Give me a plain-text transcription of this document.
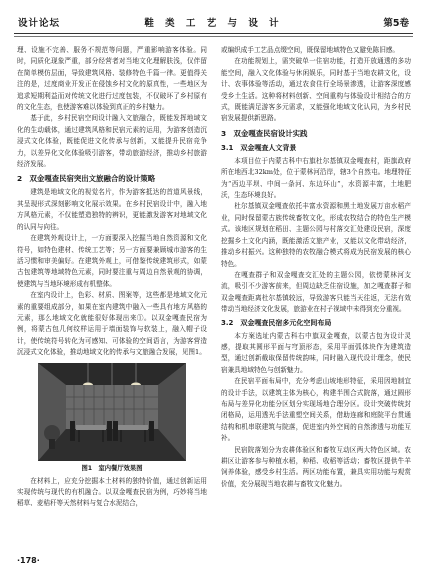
设计论坛	鞋 类 工 艺 与 设 计	第5卷

理、设施不完善、服务不规范等问题，严重影响游客体验。同时，同质化现象严重，部分经营者对当地文化理解肤浅，仅伴留在简单模仿层面，导致建筑风格、装修特色千篇一律。更值得关注的是，过度商业开发正在侵蚀乡村文化的原真性，一些地区为追求短期利益而对传统文化进行过度包装，不仅破坏了乡村原有的文化生态，也使游客难以体验到真正的乡村魅力。

基于此，乡村民宿空间设计融入文旅融合，既能发挥地域文化的生动载体，通过建筑风格和民宿元素的运用，为游客创造沉浸式文化体验，既能促进文化传承与创新，又能提升民宿竞争力，以差异化文化体验吸引游客，带动旅游经济，推动乡村旅游经济发展。

2　双金嘎查民宿突出文旅融合的设计策略

建筑是地域文化的视觉名片，作为游客抵达的首道风景线，其呈现形式深刻影响文化展示效果。在乡村民宿设计中，融入地方风格元素，不仅能塑造独特的辨识，更能激发游客对地域文化的认同与向往。

在建筑外观设计上，一方面要深入挖掘当地自然资源和文化符号，如特色建材、传统工艺等；另一方面要兼顾城市游客的生活习惯和审美偏好。在建筑外观上，可借鉴传统建筑形式，如蒙古包建筑等地域特色元素，同时要注重与周边自然景观的协调，使建筑与当地环境形成有机整体。

在室内设计上，色彩、材质、图案等，这些都是地域文化元素的重要组成部分，如果在室内建筑中融入一些具有地方风格的元素，那么地域文化就能很好体现出来①。以双金嘎查民宿为例，将蒙古包几何纹样运用于墙面装饰与软装上，融入帽子设计，使传统符号转化为可感知、可体验的空间语言，为游客营造沉浸式文化体验，推动地域文化的传承与文旅融合发展，见图1。

图1　室内餐厅效果图

在材料上，应充分挖掘本土材料的独特价值，通过创新运用实现传统与现代的有机融合。以双金嘎查民宿为例，巧妙将当地稻草、麦秸秆等天然材料与复合水泥结合，

或编织成手工艺品点缀空间，既保留地域特色又避免陈旧感。

在功能规划上，需突破单一住宿功能，打造开放通透的多功能空间，融入文化体验与休闲娱乐，同时基于当地农耕文化，设计、农事体验等活动，通过农食住行全场景渗透，让游客深度感受乡土生活。这种将材料创新、空间重构与体验设计相结合的方式，既能满足游客多元需求，又能强化地域文化认同，为乡村民宿发展提供新思路。

3　双金嘎查民宿设计实践
3.1　双金嘎查人文背景

本项目位于内蒙古科中右旗杜尔基镇双金嘎查村，距旗政府所在地西北32km处，位于蒙林河沿岸，辖3个自然屯。地理特征为“西边平坝、中间一条河、东边环山”，水资源丰富，土地肥沃，生态环境良好。

杜尔基镇双金嘎查依托丰富水资源和黑土地发展万亩水稻产业，同时保留蒙古族传统畜牧文化，形成农牧结合的特色生产模式。该地区规划在稻田、主题公园与村落交汇处建设民宿，深度挖掘乡土文化内涵，既能激活文旅产业，又能以文化带动经济，推动乡村振兴。这种独特的农牧融合模式将成为民宿发展的核心特色。

在嘎查群子和双金嘎查交汇处的主题公园，依傍蒙林河支流，吸引不少游客前来，但周边缺乏住宿设施，加之嘎查群子和双金嘎查距离杜尔基镇较远，导致游客只能当天往返，无法有效带动当地经济文化发展，旅游业在村子视域中未得到充分重视。

3.2　双金嘎查民宿多元化空间布局

本方案选址内蒙古科右中旗双金嘎查，以蒙古包为设计灵感，提取其圆形平面与穹顶形态，采用平面弧体块作为建筑造型，通过创新截取保留传统韵味，同时融入现代设计理念，使民宿兼具地域特色与创新魅力。

在民宿平面布局中，充分考虑山坡地形特征，采用因地制宜的设计手法，以建筑主体为核心，构建半围合式院落，通过圆形布局与差异化功能分区划分实现场地合理分区。设计突破传统封闭格局，运用透光手法重塑空间关系，借助连廊和庭院平台贯通结构和机串联建筑与院落，促进室内外空间的自然渗透与功能互补。

民宿院落划分为农耕体验区和畜牧互动区两大特色区域。农耕区让游客参与种植水稻，种稻、收稻等活动；畜牧区提供牛羊饲养体验，感受乡村生活。两区功能布置，兼具实用功能与观赏价值，充分展现当地农耕与畜牧文化魅力。

·178·
